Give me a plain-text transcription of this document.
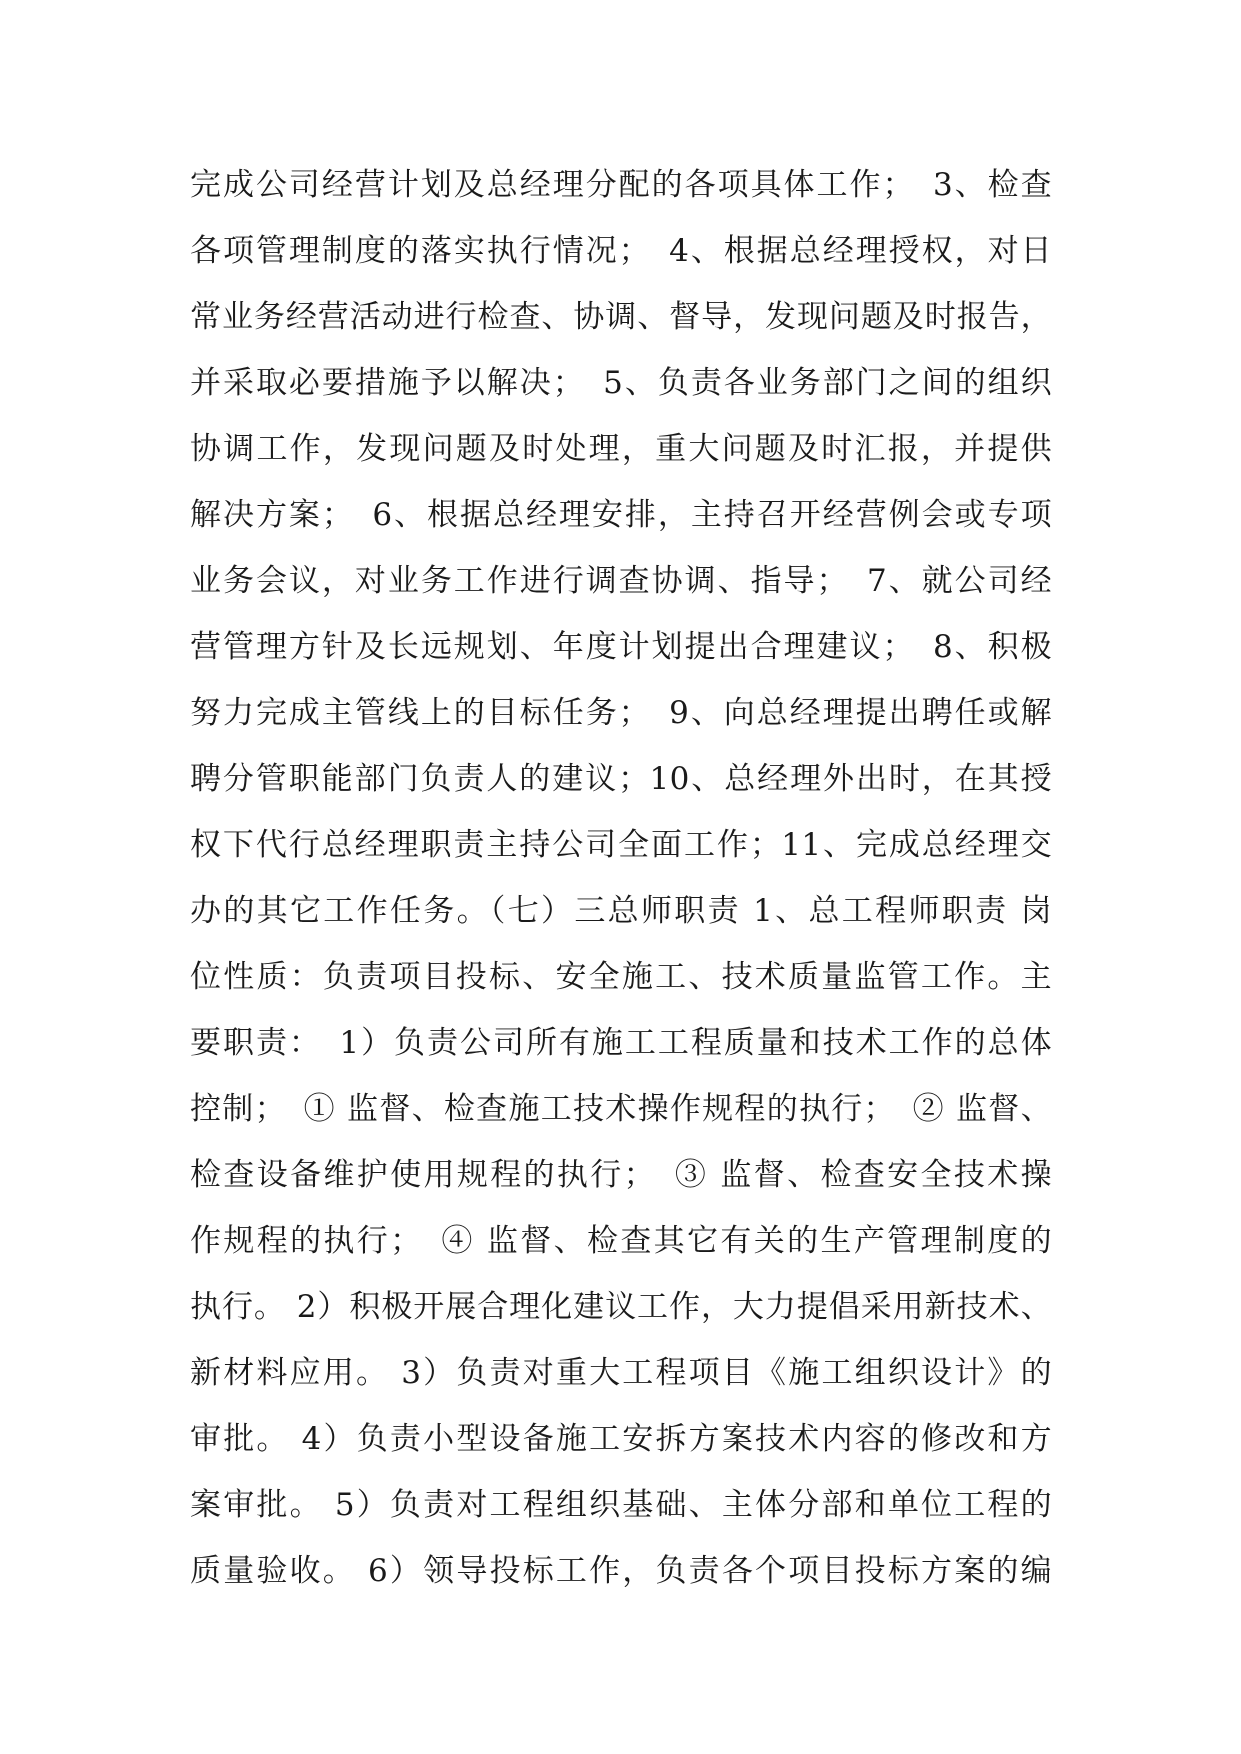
完成公司经营计划及总经理分配的各项具体工作；　3、检查
各项管理制度的落实执行情况；　4、根据总经理授权，对日
常业务经营活动进行检查、协调、督导，发现问题及时报告，
并采取必要措施予以解决；　5、负责各业务部门之间的组织
协调工作，发现问题及时处理，重大问题及时汇报，并提供
解决方案；　6、根据总经理安排，主持召开经营例会或专项
业务会议，对业务工作进行调查协调、指导；　7、就公司经
营管理方针及长远规划、年度计划提出合理建议；　8、积极
努力完成主管线上的目标任务；　9、向总经理提出聘任或解
聘分管职能部门负责人的建议；10、总经理外出时，在其授
权下代行总经理职责主持公司全面工作；11、完成总经理交
办的其它工作任务。（七）三总师职责 1、总工程师职责 岗
位性质：负责项目投标、安全施工、技术质量监管工作。主
要职责：　1）负责公司所有施工工程质量和技术工作的总体
控制；　① 监督、检查施工技术操作规程的执行；　② 监督、
检查设备维护使用规程的执行；　③ 监督、检查安全技术操
作规程的执行；　④ 监督、检查其它有关的生产管理制度的
执行。 2）积极开展合理化建议工作，大力提倡采用新技术、
新材料应用。 3）负责对重大工程项目《施工组织设计》的
审批。 4）负责小型设备施工安拆方案技术内容的修改和方
案审批。 5）负责对工程组织基础、主体分部和单位工程的
质量验收。 6）领导投标工作，负责各个项目投标方案的编
